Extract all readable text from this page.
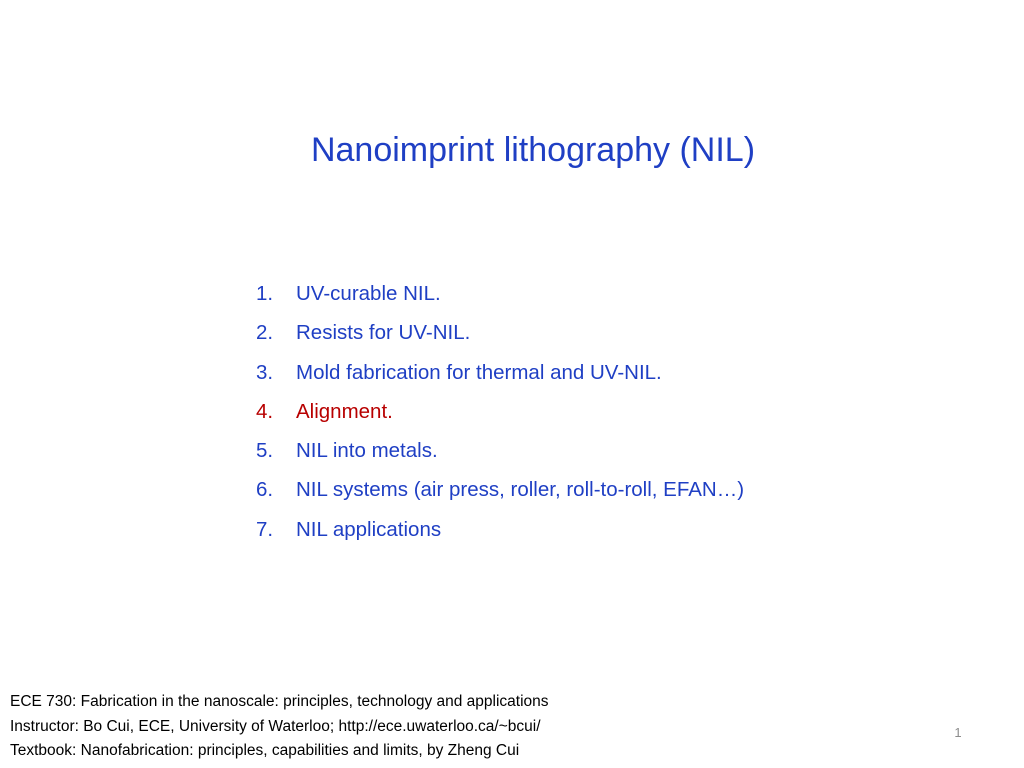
Nanoimprint lithography (NIL)
1.	UV-curable NIL.
2.	Resists for UV-NIL.
3.	Mold fabrication for thermal and UV-NIL.
4.	Alignment.
5.	NIL into metals.
6.	NIL systems (air press, roller, roll-to-roll, EFAN…)
7.	NIL applications
ECE 730: Fabrication in the nanoscale: principles, technology and applications
Instructor: Bo Cui, ECE, University of Waterloo; http://ece.uwaterloo.ca/~bcui/
Textbook: Nanofabrication: principles, capabilities and limits, by Zheng Cui
1
